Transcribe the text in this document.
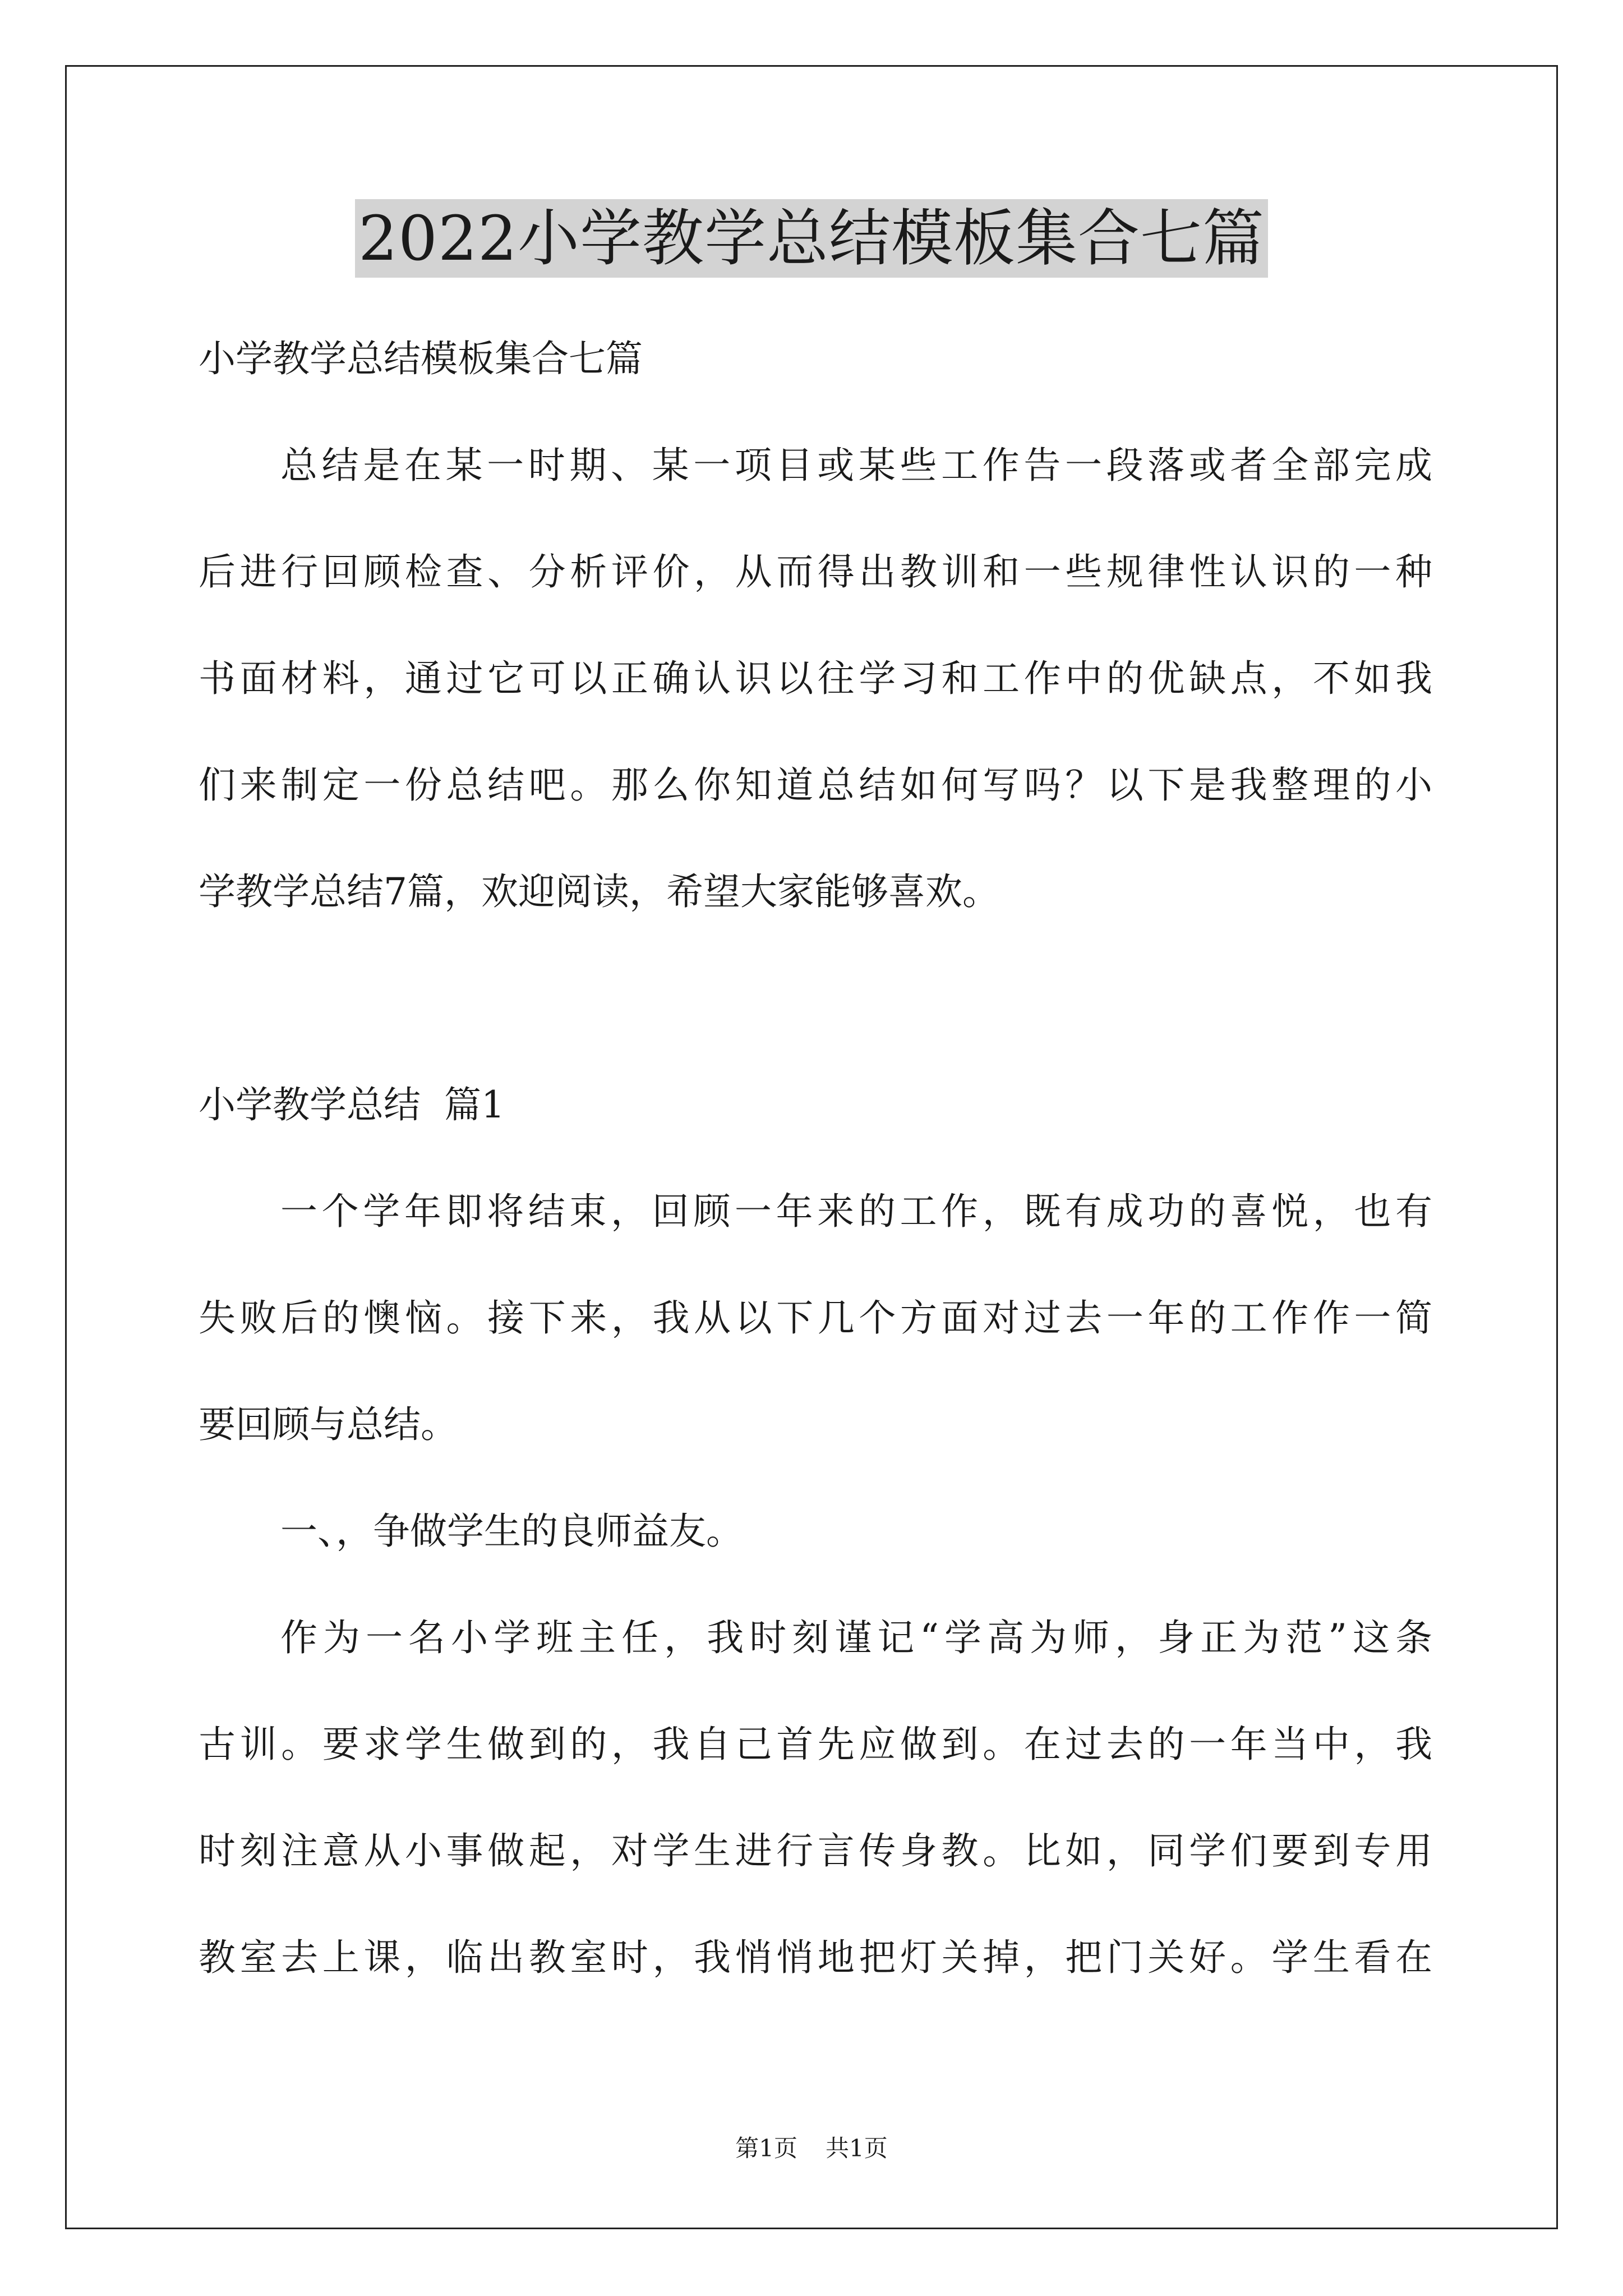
2022小学教学总结模板集合七篇
小学教学总结模板集合七篇
总结是在某一时期、某一项目或某些工作告一段落或者全部完成
后进行回顾检查、分析评价，从而得出教训和一些规律性认识的一种
书面材料，通过它可以正确认识以往学习和工作中的优缺点，不如我
们来制定一份总结吧。那么你知道总结如何写吗？以下是我整理的小
学教学总结7篇，欢迎阅读，希望大家能够喜欢。
小学教学总结  篇1
一个学年即将结束，回顾一年来的工作，既有成功的喜悦，也有
失败后的懊恼。接下来，我从以下几个方面对过去一年的工作作一简
要回顾与总结。
一、，争做学生的良师益友。
作为一名小学班主任，我时刻谨记“学高为师，身正为范”这条
古训。要求学生做到的，我自己首先应做到。在过去的一年当中，我
时刻注意从小事做起，对学生进行言传身教。比如，同学们要到专用
教室去上课，临出教室时，我悄悄地把灯关掉，把门关好。学生看在
第1页 共1页
